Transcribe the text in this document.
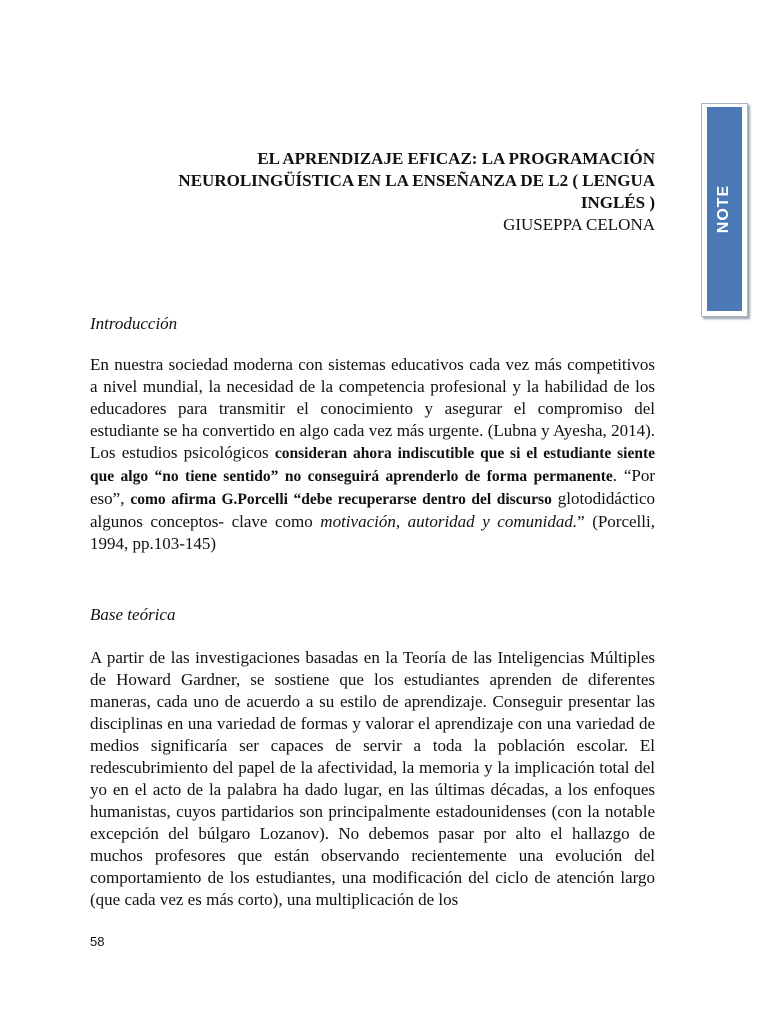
NOTE
EL APRENDIZAJE EFICAZ: LA PROGRAMACIÓN
NEUROLINGÜÍSTICA EN LA ENSEÑANZA DE L2 ( LENGUA
INGLÉS )
GIUSEPPA CELONA
Introducción
En nuestra sociedad moderna con sistemas educativos cada vez más competitivos a nivel mundial, la necesidad de la competencia profesional y la habilidad de los educadores para transmitir el conocimiento y asegurar el compromiso del estudiante se ha convertido en algo cada vez más urgente. (Lubna y Ayesha, 2014). Los estudios psicológicos consideran ahora indiscutible que si el estudiante siente que algo “no tiene sentido” no conseguirá aprenderlo de forma permanente. “Por eso”, como afirma G.Porcelli “debe recuperarse dentro del discurso glotodidáctico algunos conceptos- clave como motivación, autoridad y comunidad.” (Porcelli, 1994, pp.103-145)
Base teórica
A partir de las investigaciones basadas en la Teoría de las Inteligencias Múltiples de Howard Gardner, se sostiene que los estudiantes aprenden de diferentes maneras, cada uno de acuerdo a su estilo de aprendizaje. Conseguir presentar las disciplinas en una variedad de formas y valorar el aprendizaje con una variedad de medios significaría ser capaces de servir a toda la población escolar. El redescubrimiento del papel de la afectividad, la memoria y la implicación total del yo en el acto de la palabra ha dado lugar, en las últimas décadas, a los enfoques humanistas, cuyos partidarios son principalmente estadounidenses (con la notable excepción del búlgaro Lozanov). No debemos pasar por alto el hallazgo de muchos profesores que están observando recientemente una evolución del comportamiento de los estudiantes, una modificación del ciclo de atención largo (que cada vez es más corto), una multiplicación de los
58
